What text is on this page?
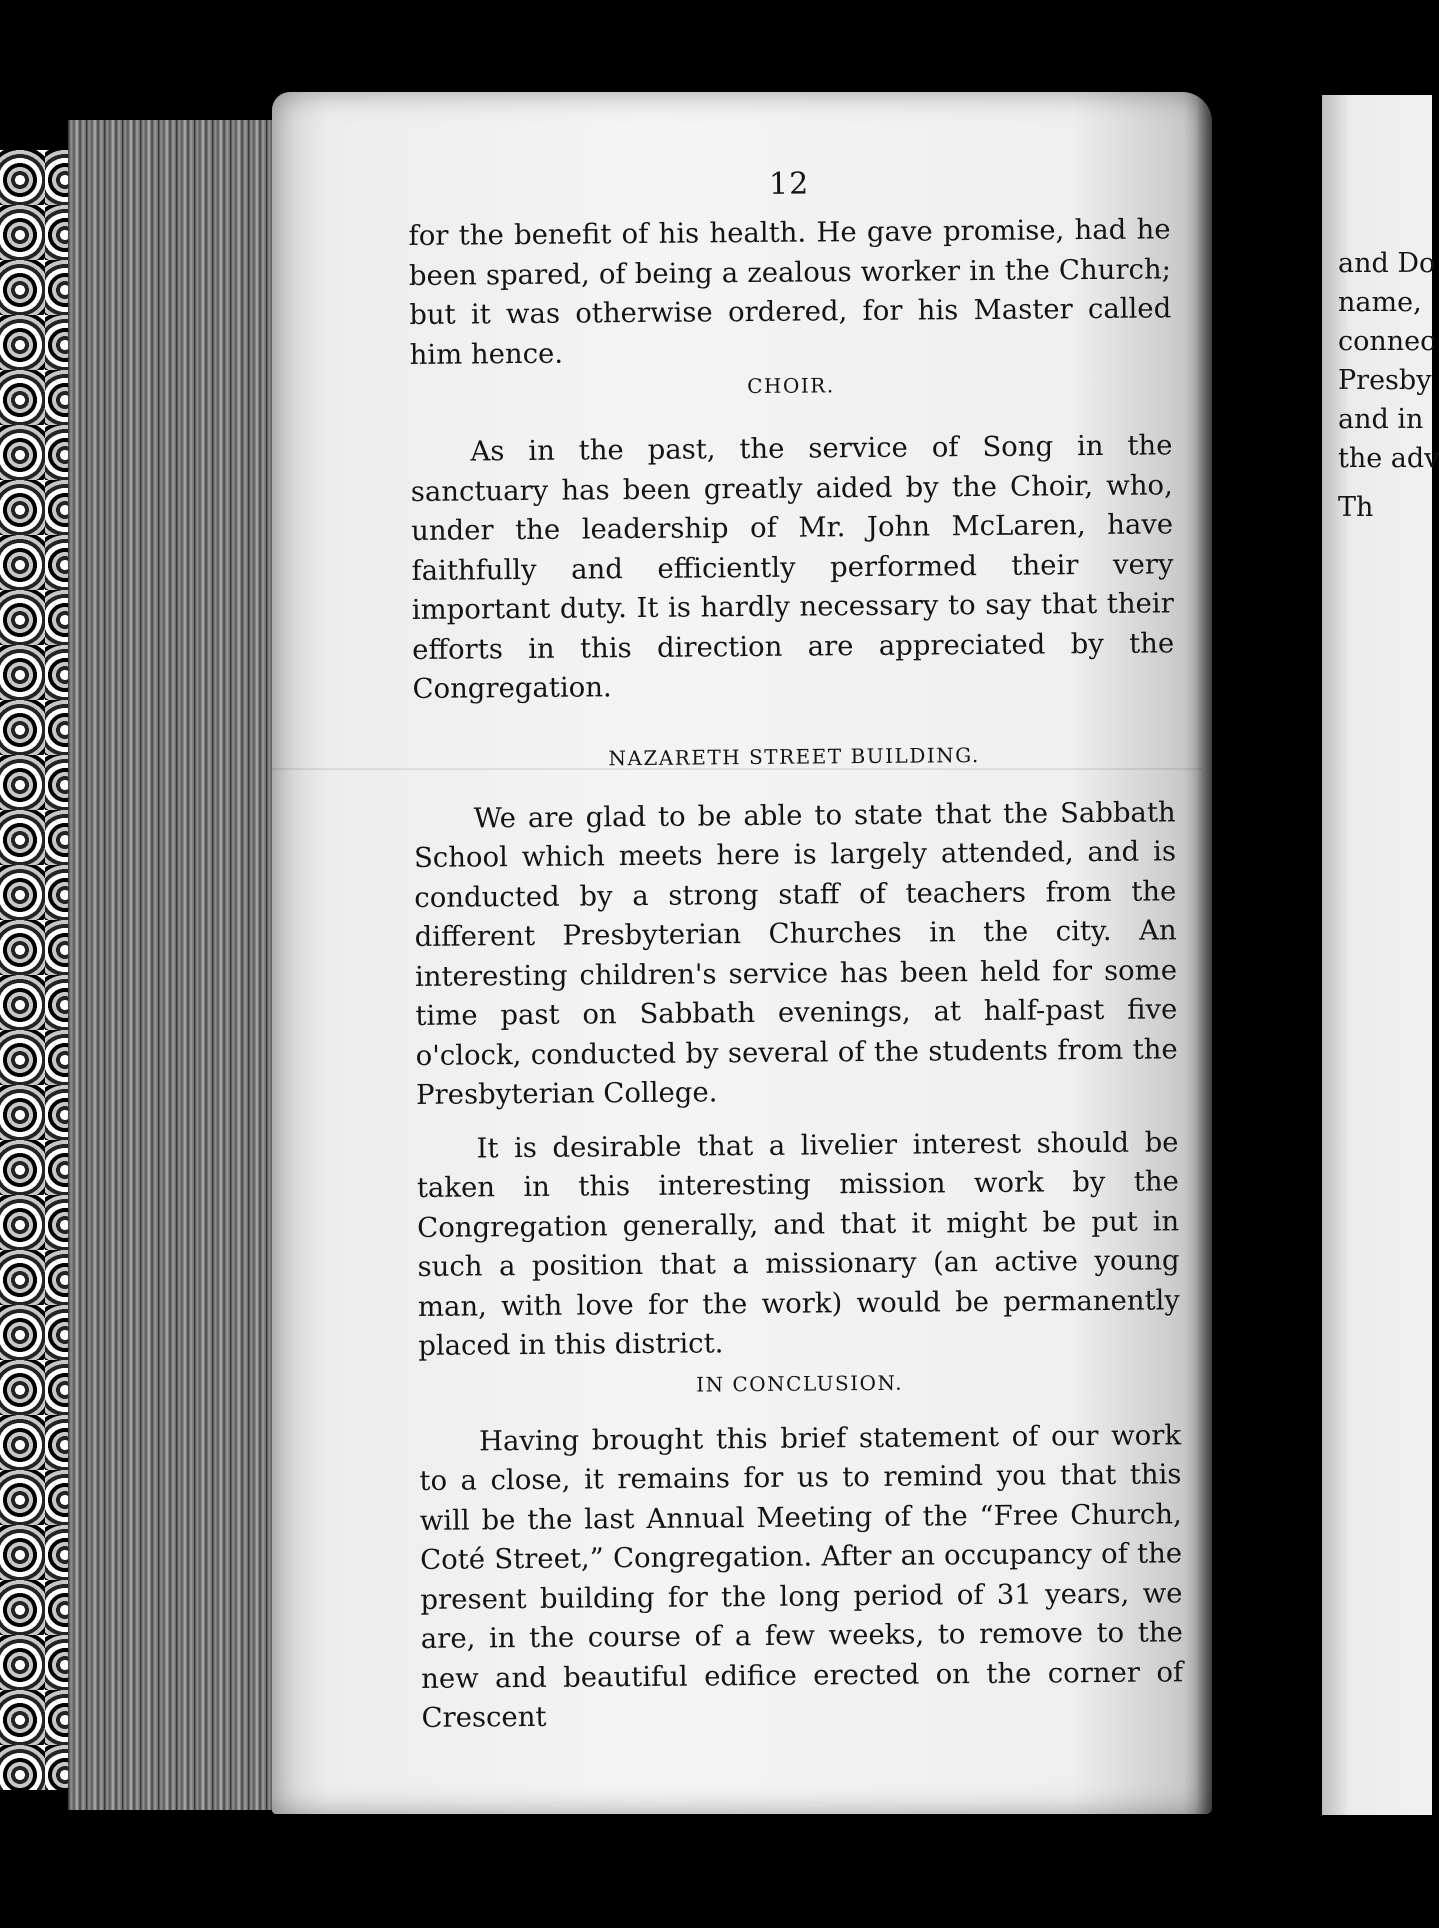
12

for the benefit of his health. He gave promise, had he been spared, of being a zealous worker in the Church; but it was otherwise ordered, for his Master called him hence.

CHOIR.

As in the past, the service of Song in the sanctuary has been greatly aided by the Choir, who, under the leadership of Mr. John McLaren, have faithfully and efficiently performed their very important duty. It is hardly necessary to say that their efforts in this direction are appreciated by the Congregation.

NAZARETH STREET BUILDING.

We are glad to be able to state that the Sabbath School which meets here is largely attended, and is conducted by a strong staff of teachers from the different Presbyterian Churches in the city. An interesting children's service has been held for some time past on Sabbath evenings, at half-past five o'clock, conducted by several of the students from the Presbyterian College.

It is desirable that a livelier interest should be taken in this interesting mission work by the Congregation generally, and that it might be put in such a position that a missionary (an active young man, with love for the work) would be permanently placed in this district.

IN CONCLUSION.

Having brought this brief statement of our work to a close, it remains for us to remind you that this will be the last Annual Meeting of the “Free Church, Coté Street,” Congregation. After an occupancy of the present building for the long period of 31 years, we are, in the course of a few weeks, to remove to the new and beautiful edifice erected on the corner of Crescent

and Do
name,
connec
Presby
and in
the adv
Th
